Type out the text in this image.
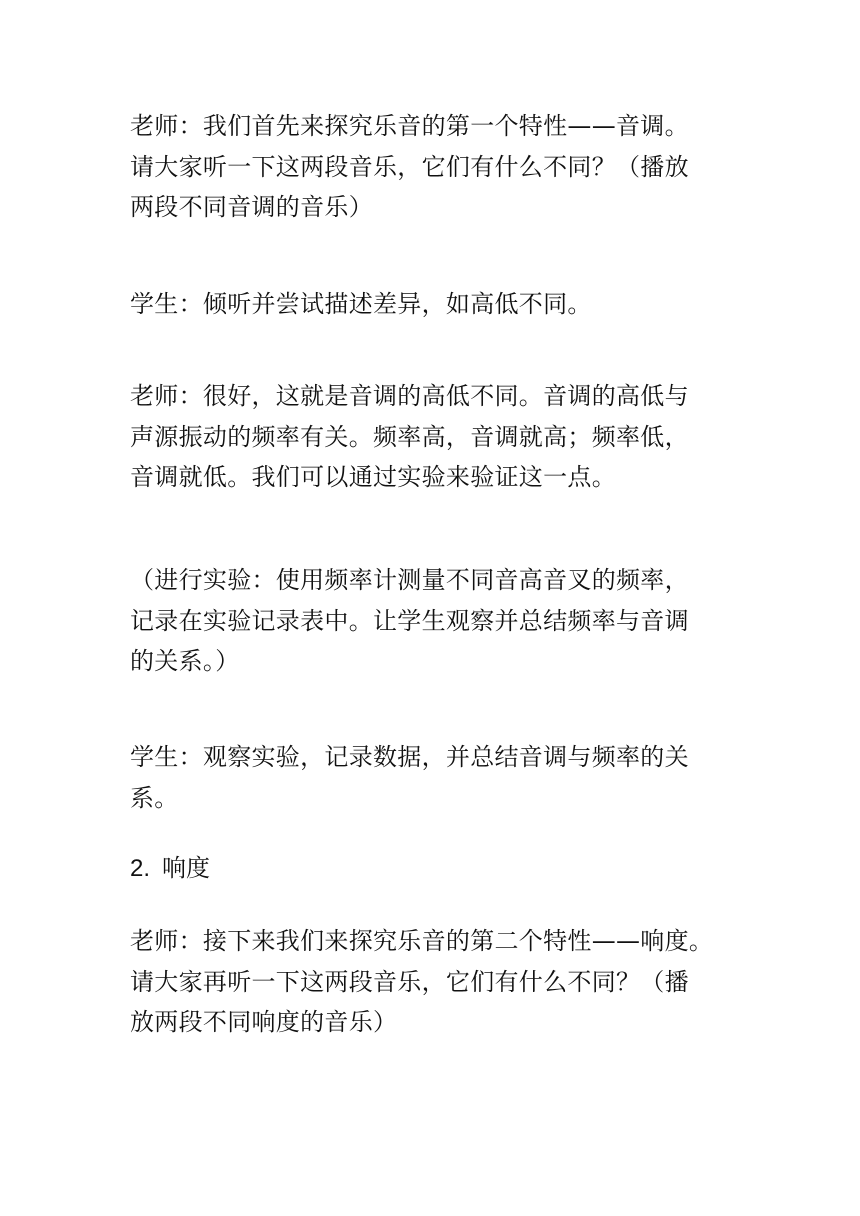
老师：我们首先来探究乐音的第一个特性——音调。
请大家听一下这两段音乐，它们有什么不同？（播放
两段不同音调的音乐）
学生：倾听并尝试描述差异，如高低不同。
老师：很好，这就是音调的高低不同。音调的高低与
声源振动的频率有关。频率高，音调就高；频率低，
音调就低。我们可以通过实验来验证这一点。
（进行实验：使用频率计测量不同音高音叉的频率，
记录在实验记录表中。让学生观察并总结频率与音调
的关系。）
学生：观察实验，记录数据，并总结音调与频率的关
系。
2. 响度
老师：接下来我们来探究乐音的第二个特性——响度。
请大家再听一下这两段音乐，它们有什么不同？（播
放两段不同响度的音乐）
